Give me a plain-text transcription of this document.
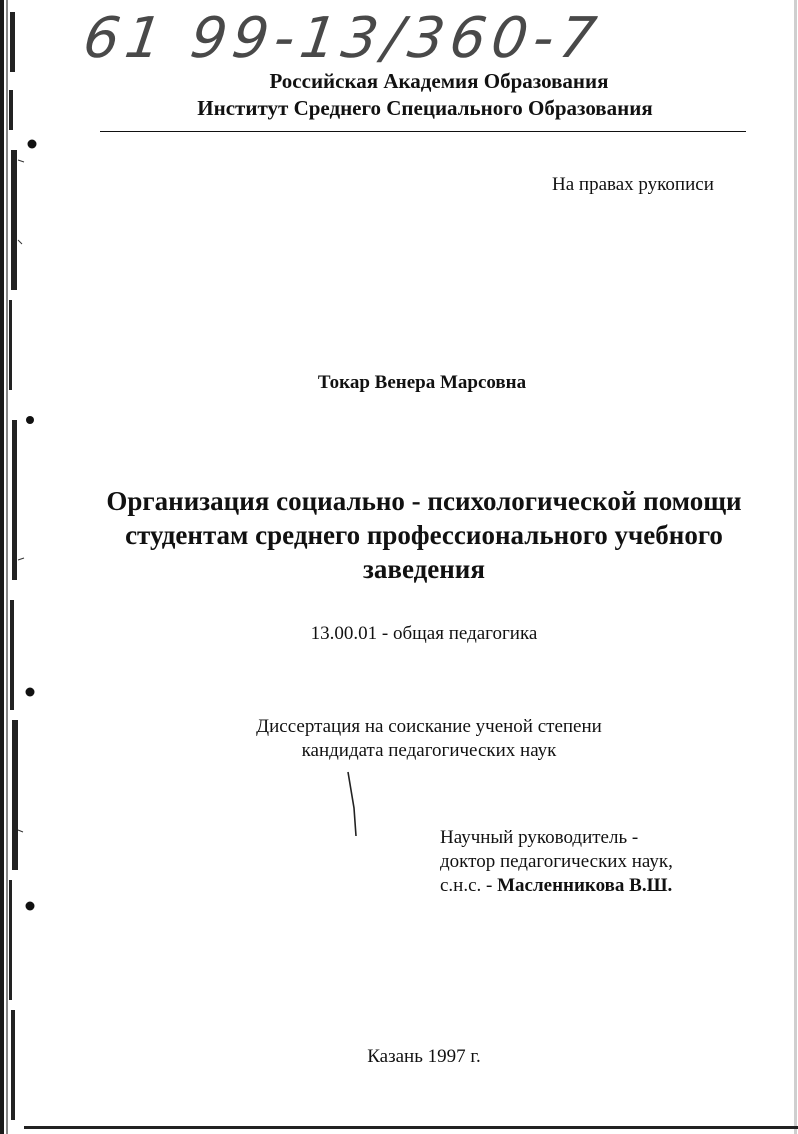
61 99-13/360-7
Российская Академия Образования
Институт Среднего Специального Образования
На правах рукописи
Токар Венера Марсовна
Организация социально - психологической помощи студентам среднего профессионального учебного заведения
13.00.01 - общая педагогика
Диссертация на соискание ученой степени
кандидата педагогических наук
Научный руководитель -
доктор педагогических наук,
с.н.с. - Масленникова В.Ш.
Казань 1997 г.
